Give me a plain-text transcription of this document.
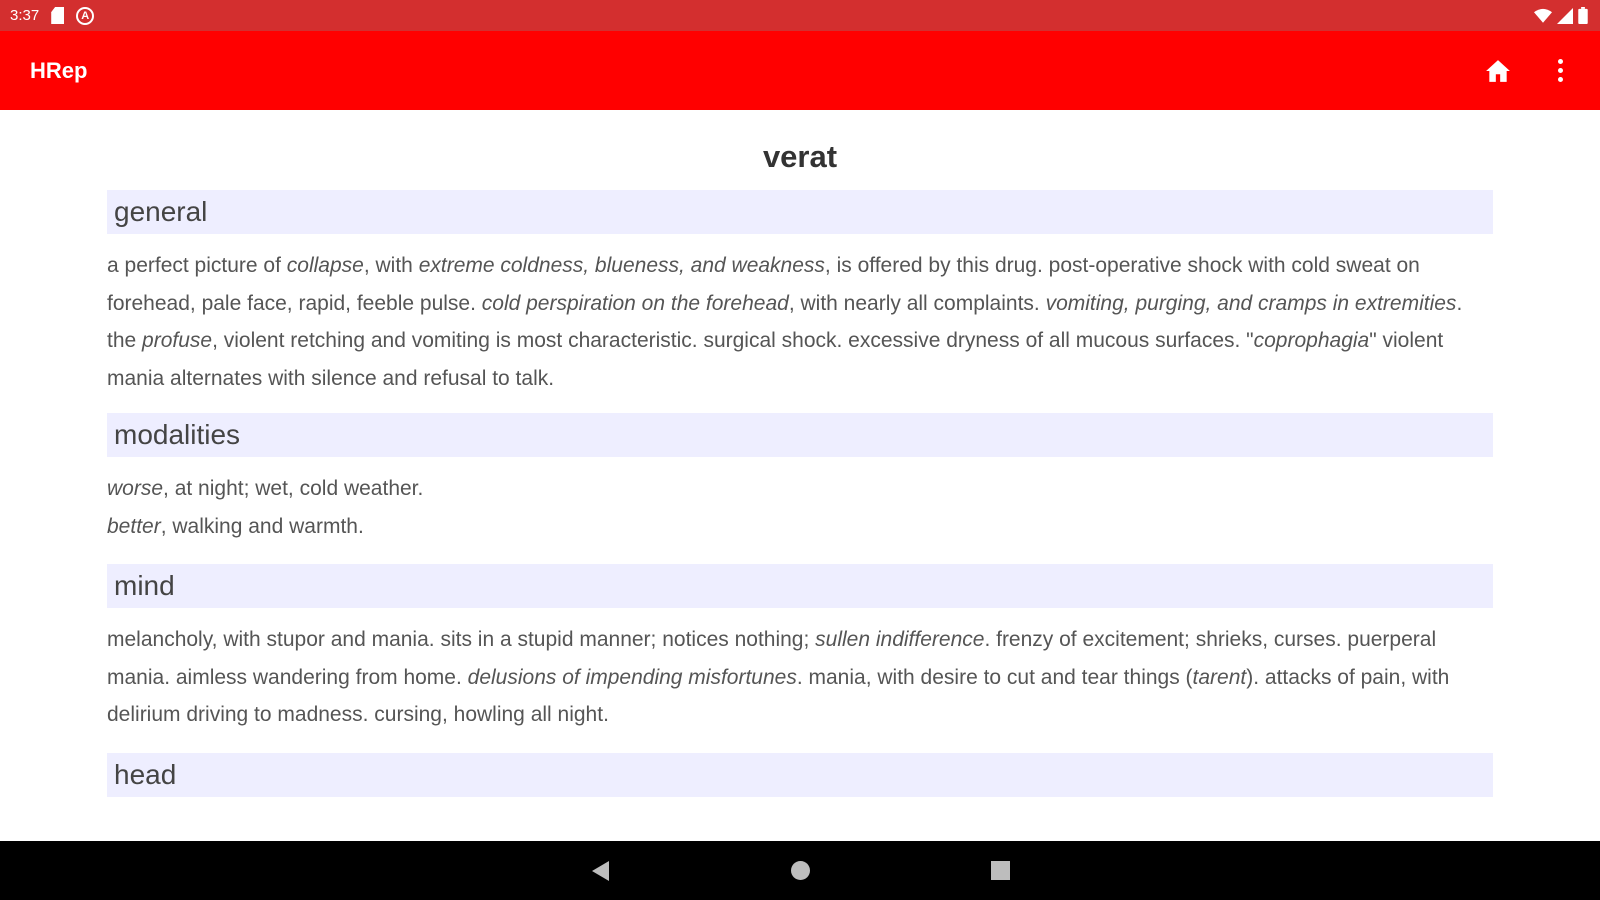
3:37	A
HRep
verat
general

a perfect picture of collapse, with extreme coldness, blueness, and weakness, is offered by this drug. post-operative shock with cold sweat on forehead, pale face, rapid, feeble pulse. cold perspiration on the forehead, with nearly all complaints. vomiting, purging, and cramps in extremities. the profuse, violent retching and vomiting is most characteristic. surgical shock. excessive dryness of all mucous surfaces. "coprophagia" violent mania alternates with silence and refusal to talk.

modalities
worse, at night; wet, cold weather.
better, walking and warmth.
mind

melancholy, with stupor and mania. sits in a stupid manner; notices nothing; sullen indifference. frenzy of excitement; shrieks, curses. puerperal mania. aimless wandering from home. delusions of impending misfortunes. mania, with desire to cut and tear things (tarent). attacks of pain, with delirium driving to madness. cursing, howling all night.

head
